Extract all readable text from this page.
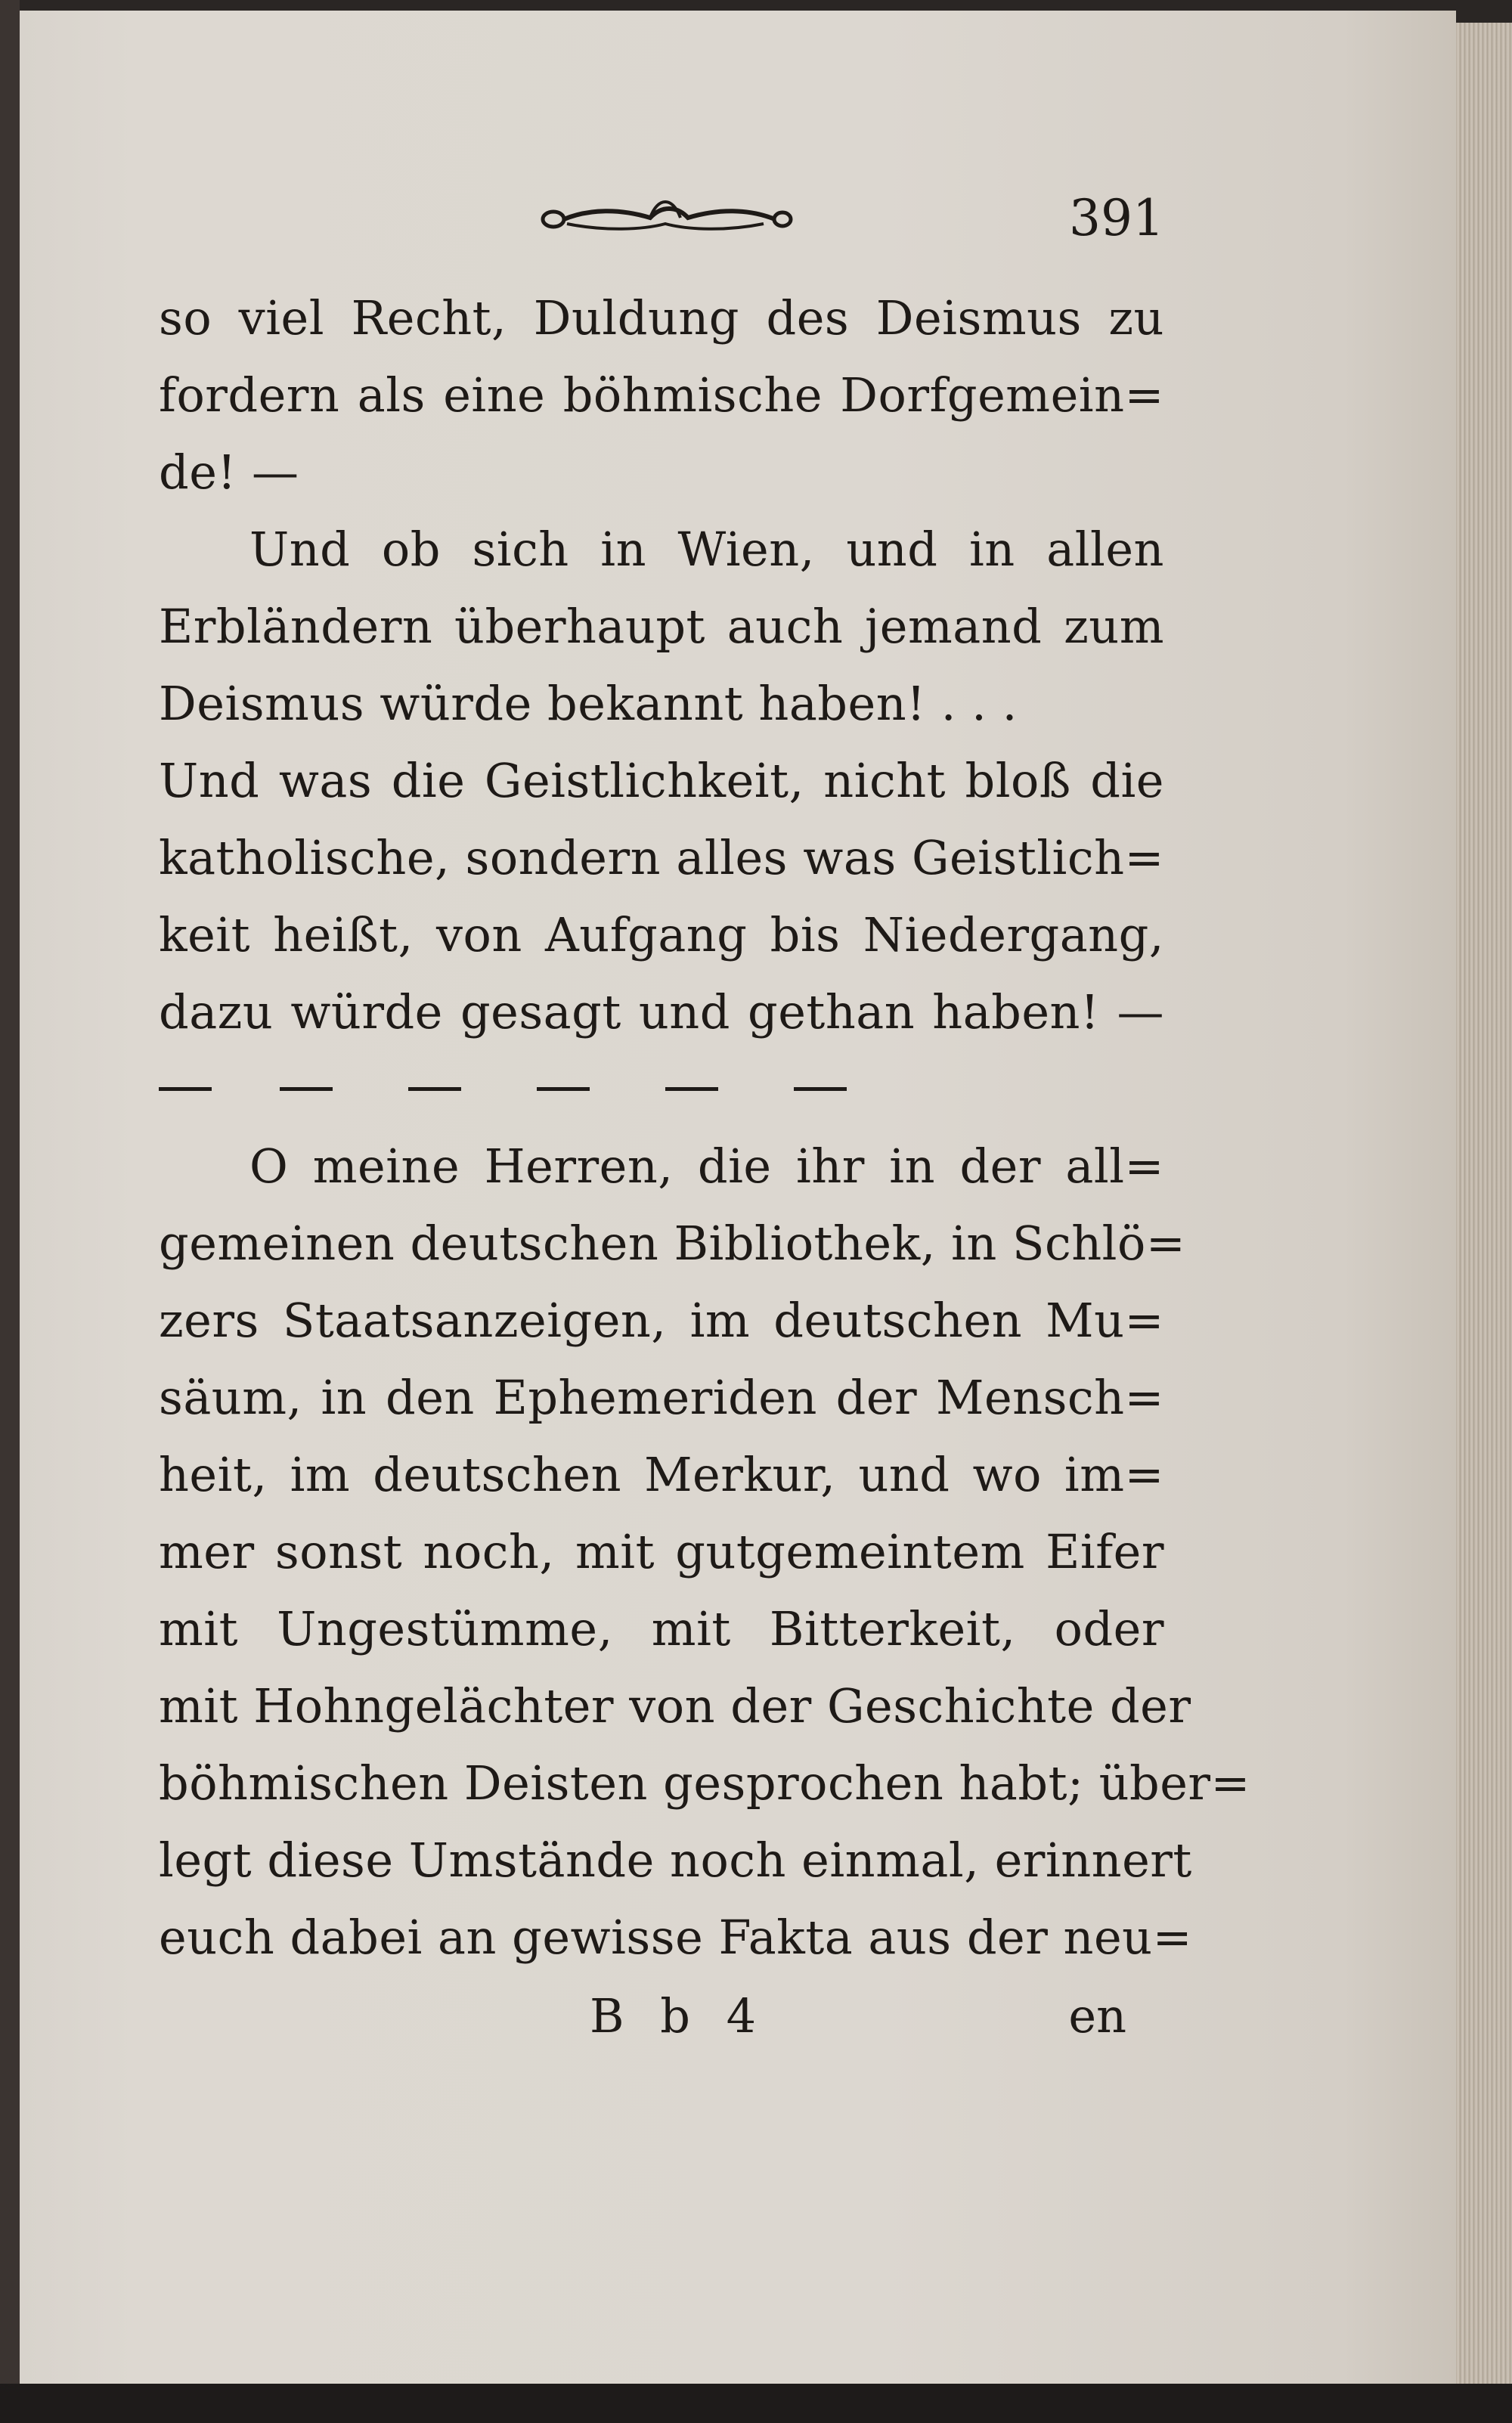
391
so viel Recht, Duldung des Deismus zu
fordern als eine böhmische Dorfgemein=
de! —
Und ob sich in Wien, und in allen
Erbländern überhaupt auch jemand zum
Deismus würde bekannt haben! . . .
Und was die Geistlichkeit, nicht bloß die
katholische, sondern alles was Geistlich=
keit heißt, von Aufgang bis Niedergang,
dazu würde gesagt und gethan haben! —
O meine Herren, die ihr in der all=
gemeinen deutschen Bibliothek, in Schlö=
zers Staatsanzeigen, im deutschen Mu=
säum, in den Ephemeriden der Mensch=
heit, im deutschen Merkur, und wo im=
mer sonst noch, mit gutgemeintem Eifer
mit Ungestümme, mit Bitterkeit, oder
mit Hohngelächter von der Geschichte der
böhmischen Deisten gesprochen habt; über=
legt diese Umstände noch einmal, erinnert
euch dabei an gewisse Fakta aus der neu=
B b 4	en
